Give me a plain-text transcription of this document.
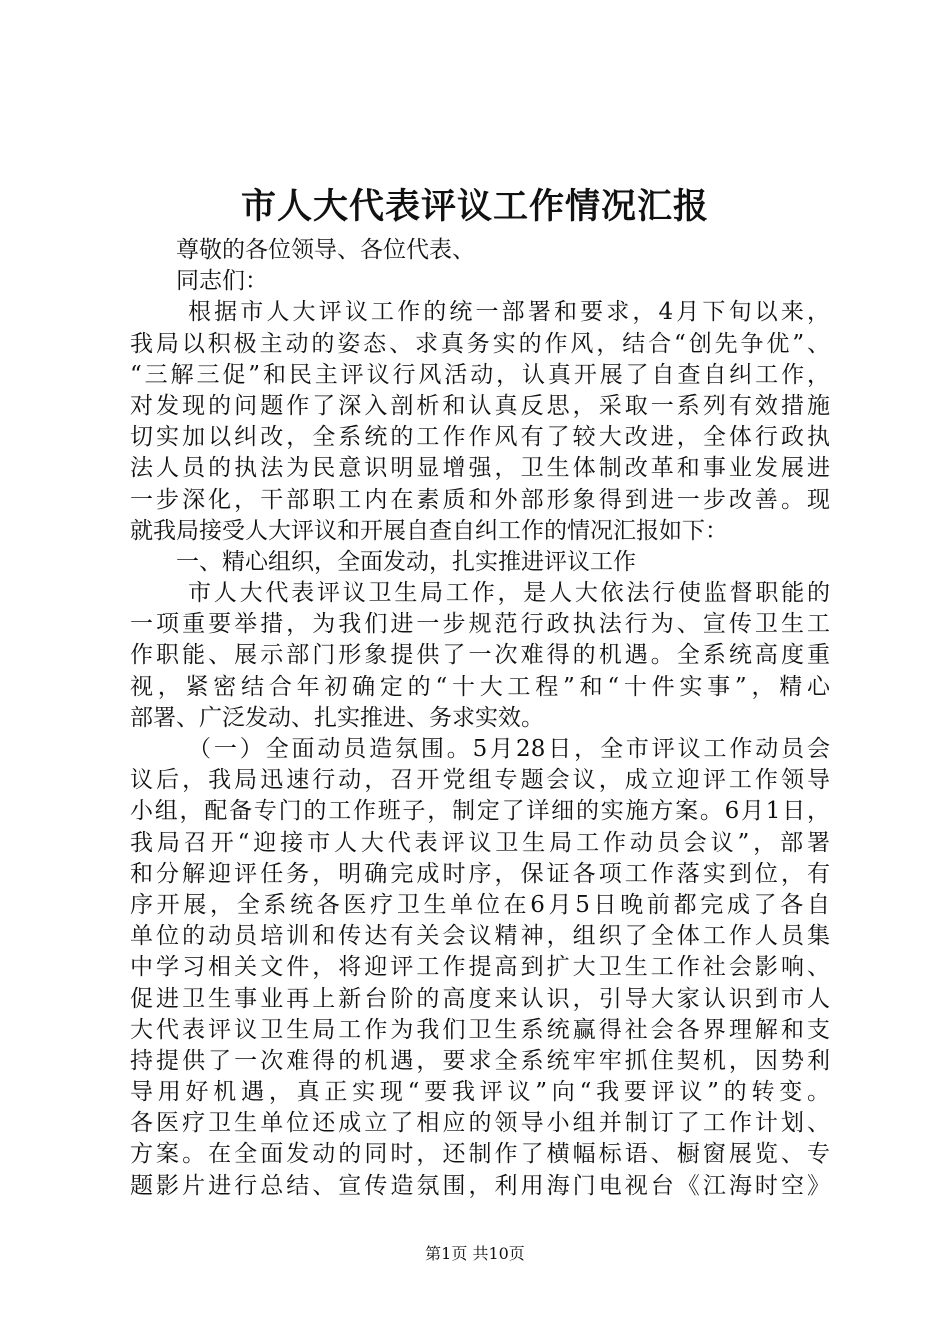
市人大代表评议工作情况汇报
尊敬的各位领导、各位代表、
同志们：
根据市人大评议工作的统一部署和要求，4月下旬以来，
我局以积极主动的姿态、求真务实的作风，结合“创先争优”、
“三解三促”和民主评议行风活动，认真开展了自查自纠工作，
对发现的问题作了深入剖析和认真反思，采取一系列有效措施
切实加以纠改，全系统的工作作风有了较大改进，全体行政执
法人员的执法为民意识明显增强，卫生体制改革和事业发展进
一步深化，干部职工内在素质和外部形象得到进一步改善。现
就我局接受人大评议和开展自查自纠工作的情况汇报如下：
一、精心组织，全面发动，扎实推进评议工作
市人大代表评议卫生局工作，是人大依法行使监督职能的
一项重要举措，为我们进一步规范行政执法行为、宣传卫生工
作职能、展示部门形象提供了一次难得的机遇。全系统高度重
视，紧密结合年初确定的“十大工程”和“十件实事”，精心
部署、广泛发动、扎实推进、务求实效。
（一）全面动员造氛围。5月28日，全市评议工作动员会
议后，我局迅速行动，召开党组专题会议，成立迎评工作领导
小组，配备专门的工作班子，制定了详细的实施方案。6月1日，
我局召开“迎接市人大代表评议卫生局工作动员会议”，部署
和分解迎评任务，明确完成时序，保证各项工作落实到位，有
序开展，全系统各医疗卫生单位在6月5日晚前都完成了各自
单位的动员培训和传达有关会议精神，组织了全体工作人员集
中学习相关文件，将迎评工作提高到扩大卫生工作社会影响、
促进卫生事业再上新台阶的高度来认识，引导大家认识到市人
大代表评议卫生局工作为我们卫生系统赢得社会各界理解和支
持提供了一次难得的机遇，要求全系统牢牢抓住契机，因势利
导用好机遇，真正实现“要我评议”向“我要评议”的转变。
各医疗卫生单位还成立了相应的领导小组并制订了工作计划、
方案。在全面发动的同时，还制作了横幅标语、橱窗展览、专
题影片进行总结、宣传造氛围，利用海门电视台《江海时空》
第1页 共10页
